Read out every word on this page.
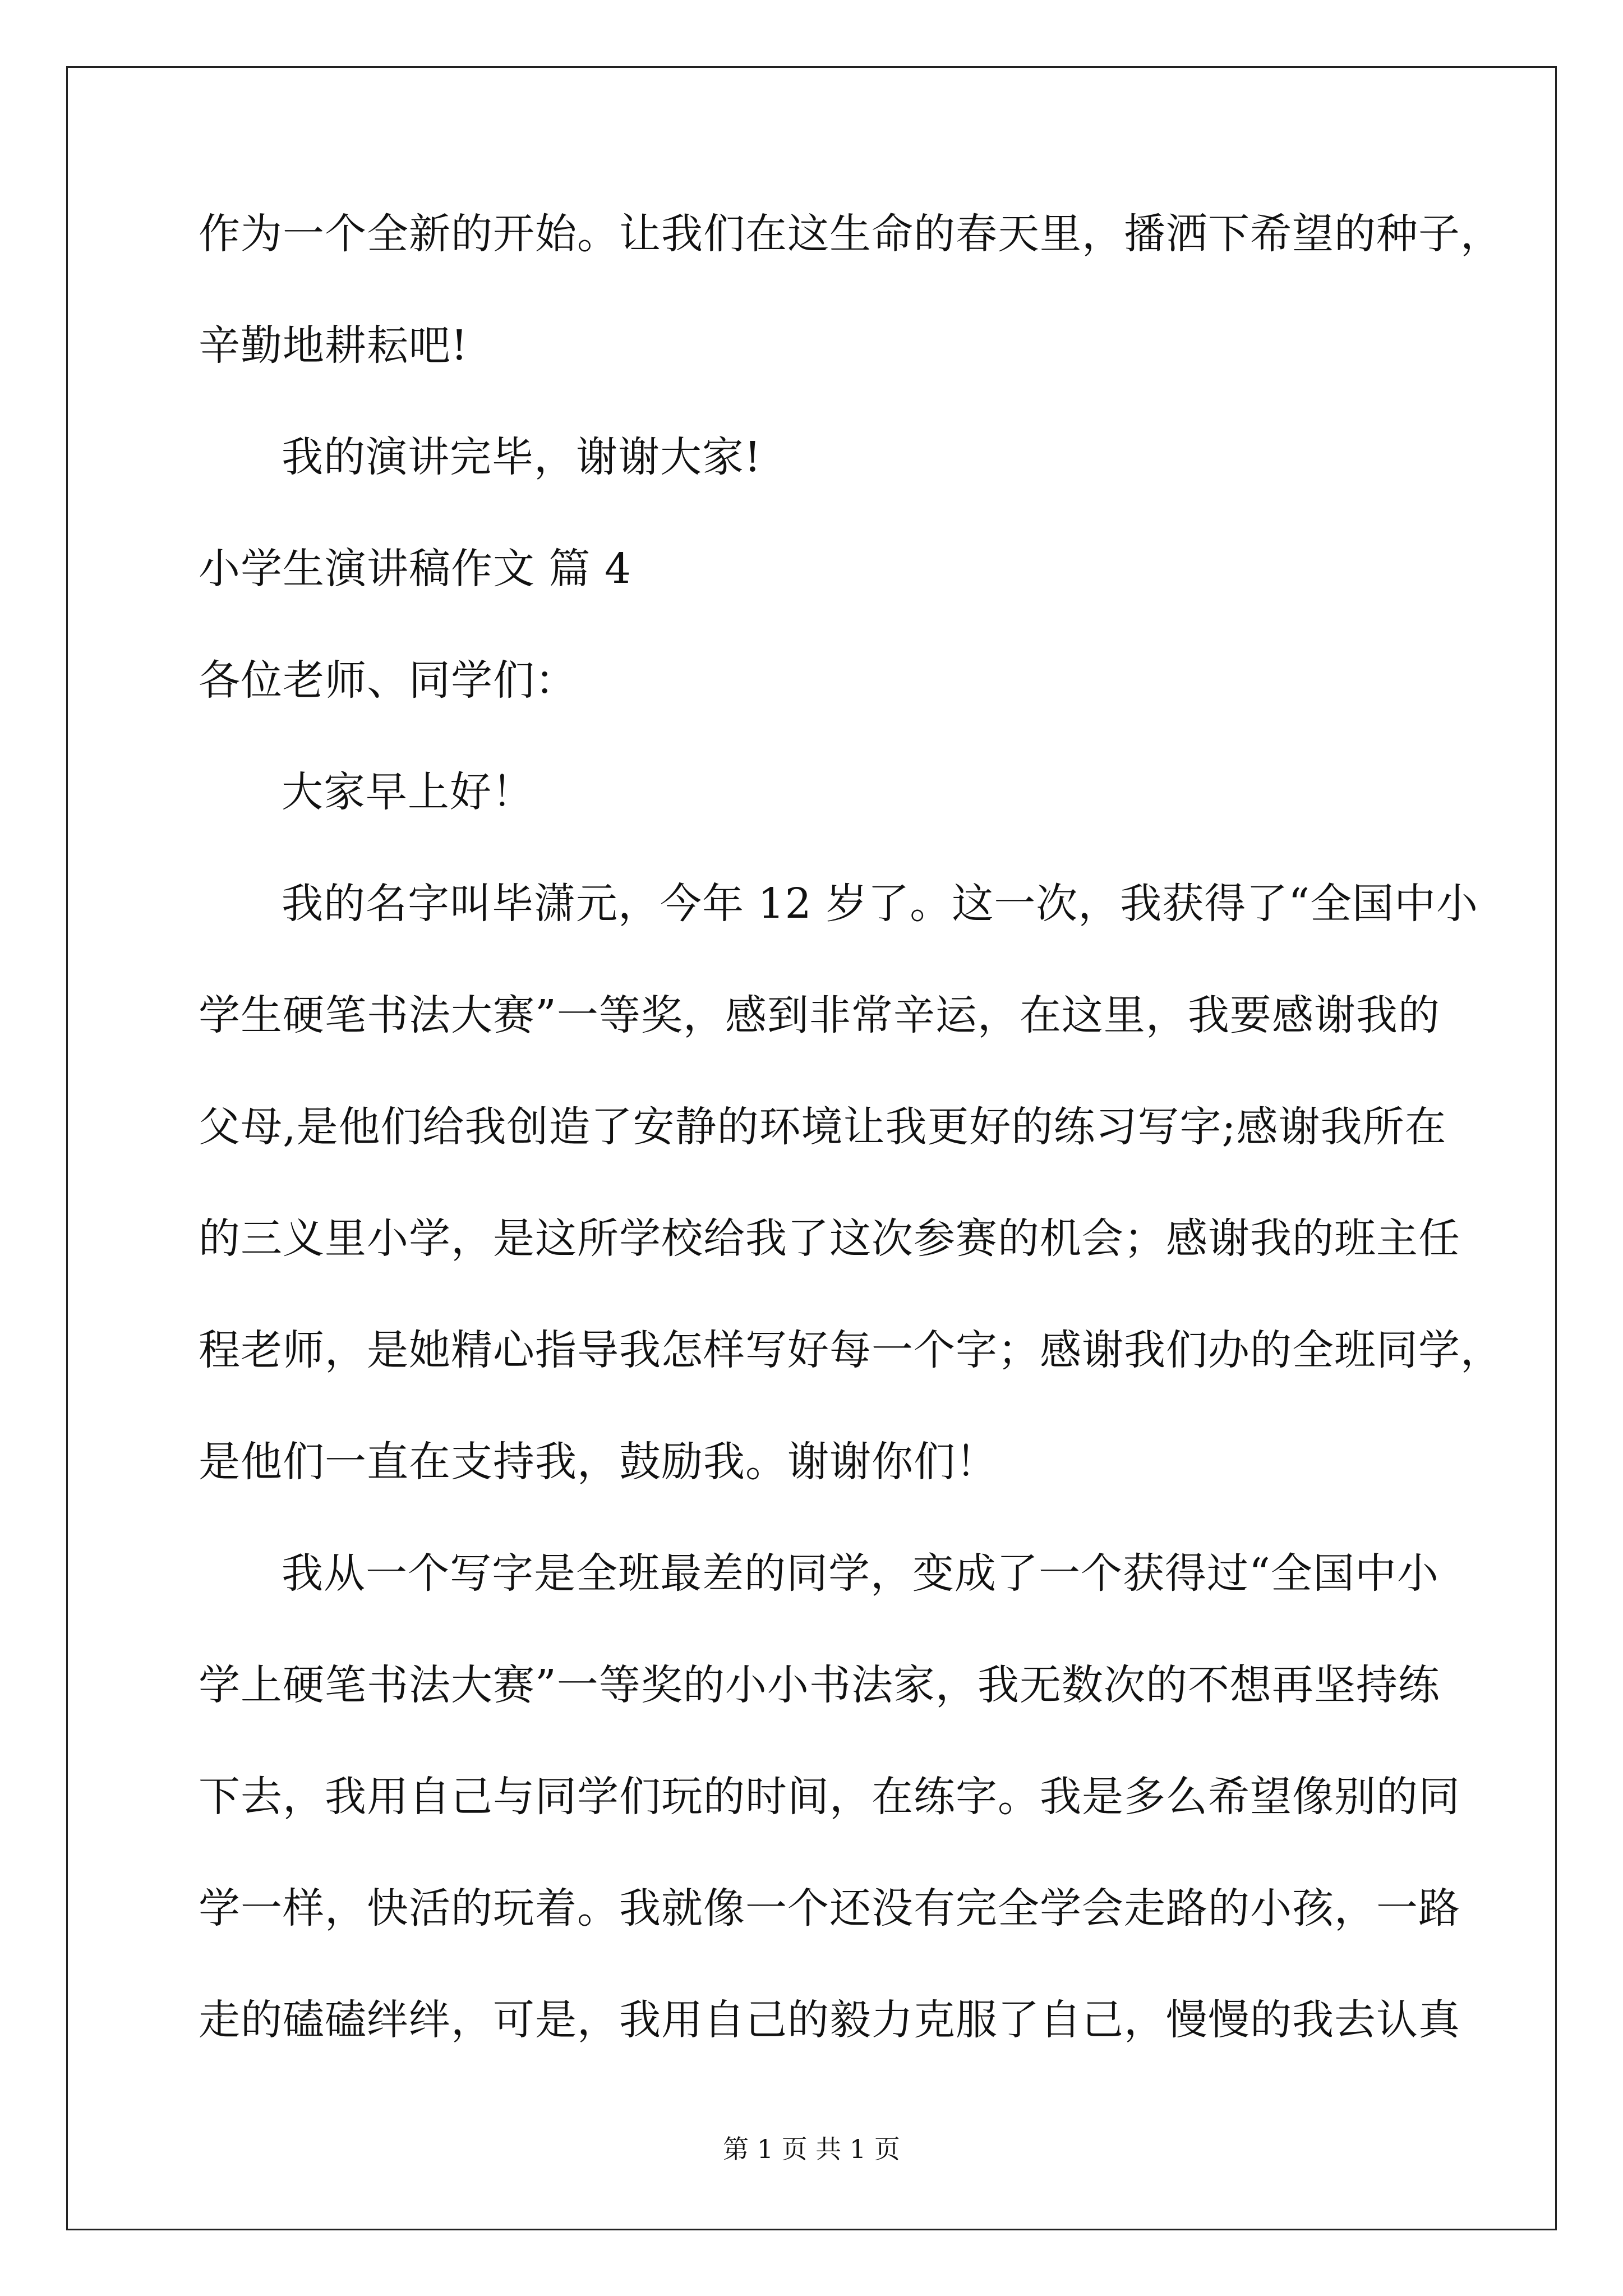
作为一个全新的开始。让我们在这生命的春天里，播洒下希望的种子，
辛勤地耕耘吧!
我的演讲完毕，谢谢大家!
小学生演讲稿作文 篇 4
各位老师、同学们：
大家早上好！
我的名字叫毕潇元，今年 12 岁了。这一次，我获得了“全国中小
学生硬笔书法大赛”一等奖，感到非常辛运，在这里，我要感谢我的
父母,是他们给我创造了安静的环境让我更好的练习写字;感谢我所在
的三义里小学，是这所学校给我了这次参赛的机会；感谢我的班主任
程老师，是她精心指导我怎样写好每一个字；感谢我们办的全班同学，
是他们一直在支持我，鼓励我。谢谢你们！
我从一个写字是全班最差的同学，变成了一个获得过“全国中小
学上硬笔书法大赛”一等奖的小小书法家，我无数次的不想再坚持练
下去，我用自己与同学们玩的时间，在练字。我是多么希望像别的同
学一样，快活的玩着。我就像一个还没有完全学会走路的小孩，一路
走的磕磕绊绊，可是，我用自己的毅力克服了自己，慢慢的我去认真
第 1 页 共 1 页
